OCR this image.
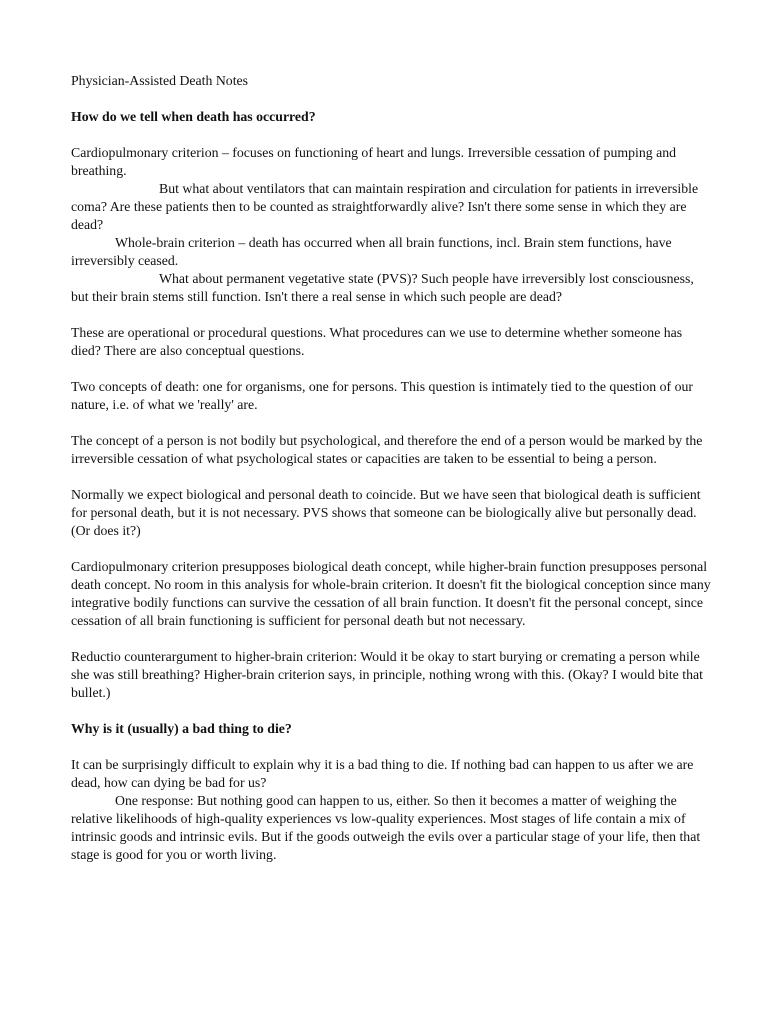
Physician-Assisted Death Notes

How do we tell when death has occurred?

Cardiopulmonary criterion – focuses on functioning of heart and lungs. Irreversible cessation of pumping and breathing.

But what about ventilators that can maintain respiration and circulation for patients in irreversible coma? Are these patients then to be counted as straightforwardly alive? Isn't there some sense in which they are dead?

Whole-brain criterion – death has occurred when all brain functions, incl. Brain stem functions, have irreversibly ceased.

What about permanent vegetative state (PVS)? Such people have irreversibly lost consciousness, but their brain stems still function. Isn't there a real sense in which such people are dead?

These are operational or procedural questions. What procedures can we use to determine whether someone has died? There are also conceptual questions.

Two concepts of death: one for organisms, one for persons. This question is intimately tied to the question of our nature, i.e. of what we 'really' are.

The concept of a person is not bodily but psychological, and therefore the end of a person would be marked by the irreversible cessation of what psychological states or capacities are taken to be essential to being a person.

Normally we expect biological and personal death to coincide. But we have seen that biological death is sufficient for personal death, but it is not necessary. PVS shows that someone can be biologically alive but personally dead. (Or does it?)

Cardiopulmonary criterion presupposes biological death concept, while higher-brain function presupposes personal death concept. No room in this analysis for whole-brain criterion. It doesn't fit the biological conception since many integrative bodily functions can survive the cessation of all brain function. It doesn't fit the personal concept, since cessation of all brain functioning is sufficient for personal death but not necessary.

Reductio counterargument to higher-brain criterion: Would it be okay to start burying or cremating a person while she was still breathing? Higher-brain criterion says, in principle, nothing wrong with this. (Okay? I would bite that bullet.)

Why is it (usually) a bad thing to die?

It can be surprisingly difficult to explain why it is a bad thing to die. If nothing bad can happen to us after we are dead, how can dying be bad for us?

One response: But nothing good can happen to us, either. So then it becomes a matter of weighing the relative likelihoods of high-quality experiences vs low-quality experiences. Most stages of life contain a mix of intrinsic goods and intrinsic evils. But if the goods outweigh the evils over a particular stage of your life, then that stage is good for you or worth living.
